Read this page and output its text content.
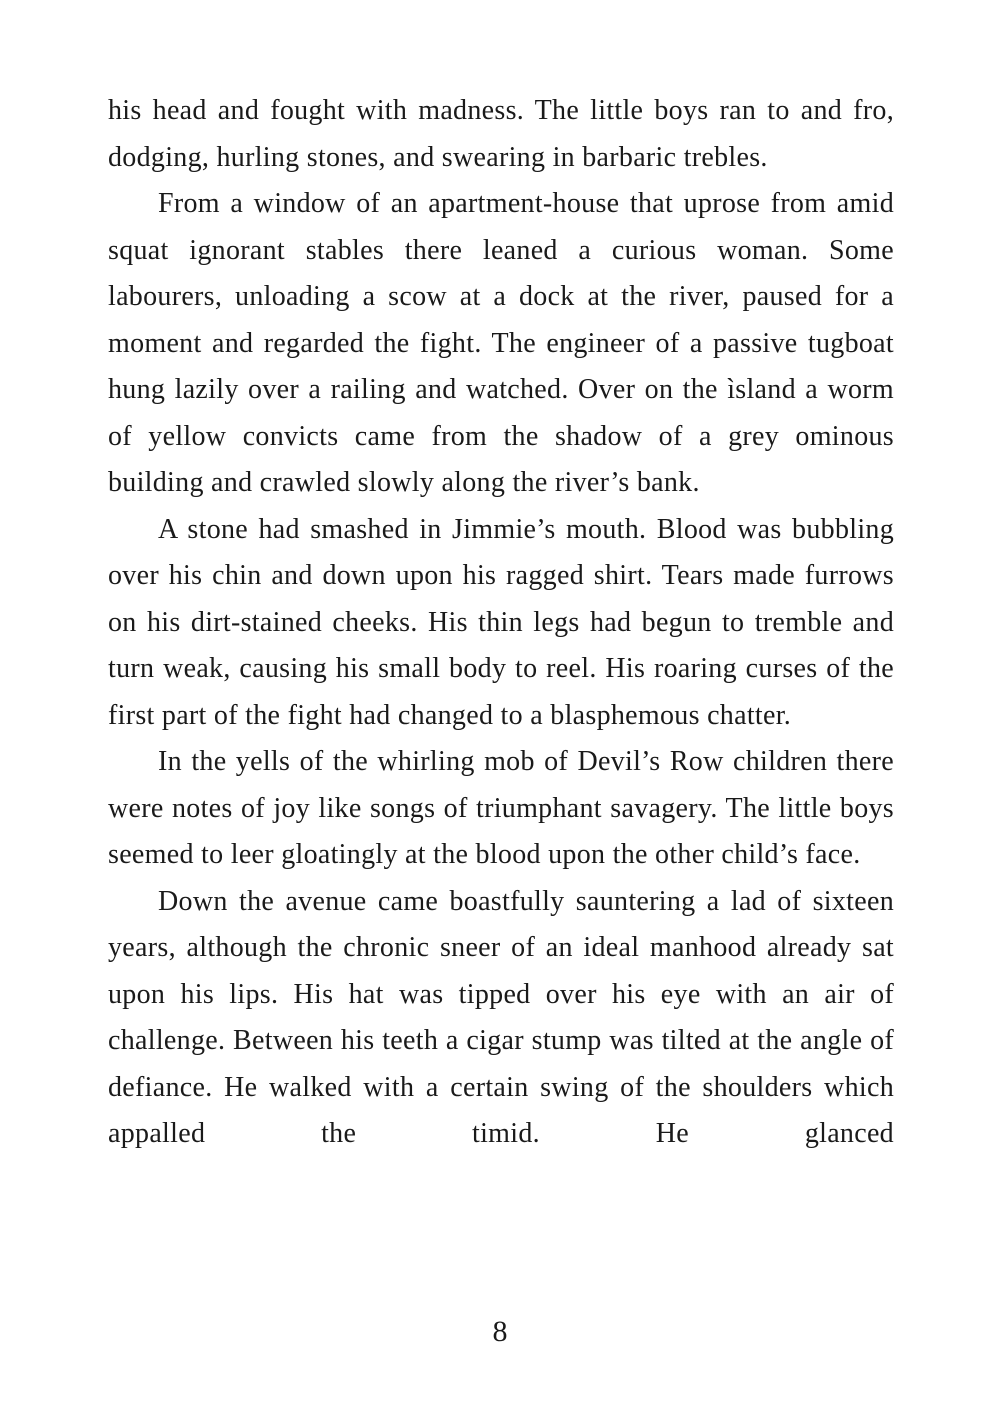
his head and fought with madness. The little boys ran to and fro, dodging, hurling stones, and swearing in barbaric trebles.

From a window of an apartment-house that uprose from amid squat ignorant stables there leaned a curious woman. Some labourers, unloading a scow at a dock at the river, paused for a moment and regarded the fight. The engineer of a passive tugboat hung lazily over a railing and watched. Over on the ìsland a worm of yellow convicts came from the shadow of a grey ominous building and crawled slowly along the river’s bank.

A stone had smashed in Jimmie’s mouth. Blood was bubbling over his chin and down upon his ragged shirt. Tears made furrows on his dirt-stained cheeks. His thin legs had begun to tremble and turn weak, causing his small body to reel. His roaring curses of the first part of the fight had changed to a blasphemous chatter.

In the yells of the whirling mob of Devil’s Row children there were notes of joy like songs of triumphant savagery. The little boys seemed to leer gloatingly at the blood upon the other child’s face.

Down the avenue came boastfully sauntering a lad of sixteen years, although the chronic sneer of an ideal manhood already sat upon his lips. His hat was tipped over his eye with an air of challenge. Between his teeth a cigar stump was tilted at the angle of defiance. He walked with a certain swing of the shoulders which appalled the timid. He glanced

8
